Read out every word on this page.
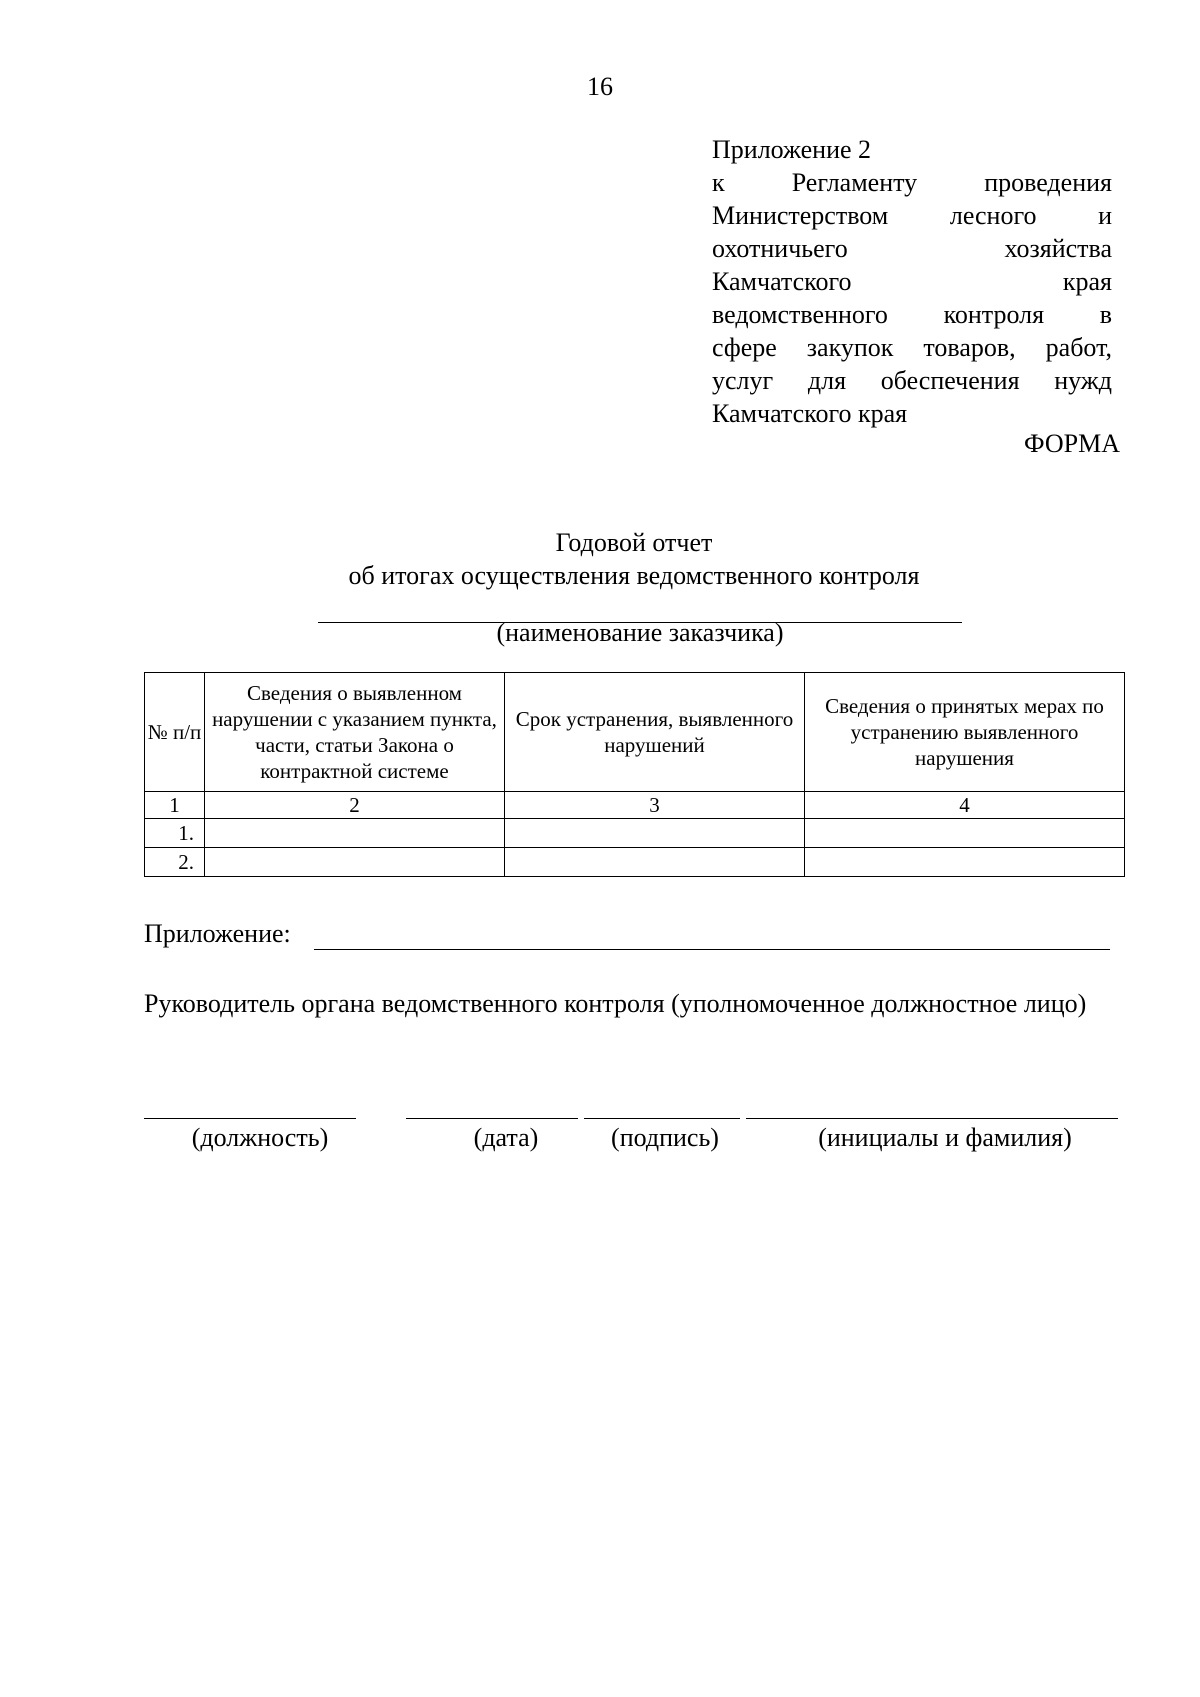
16
Приложение 2
к	Регламенту	проведения
Министерством лесного и
охотничьего	хозяйства
Камчатского	края
ведомственного контроля в
сфере закупок товаров, работ,
услуг для обеспечения нужд
Камчатского края
ФОРМА
Годовой отчет
об итогах осуществления ведомственного контроля
(наименование заказчика)
№ п/п	Сведения о выявленном нарушении с указанием пункта, части, статьи Закона о контрактной системе	Срок устранения, выявленного нарушений	Сведения о принятых мерах по устранению выявленного нарушения
1	2	3	4
1.			
2.			
Приложение:
Руководитель органа ведомственного контроля (уполномоченное должностное лицо)
(должность)	(дата)	(подпись)	(инициалы и фамилия)
